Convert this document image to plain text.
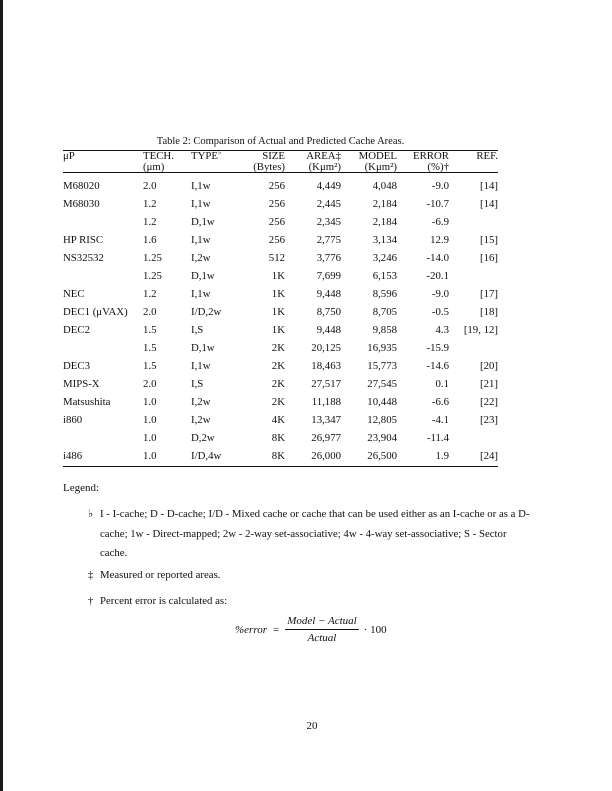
Table 2: Comparison of Actual and Predicted Cache Areas.
μP	TECH.	TYPE♭	SIZE	AREA‡	MODEL	ERROR	REF.
	(μm)		(Bytes)	(Kμm²)	(Kμm²)	(%)†	
M68020	2.0	I,1w	256	4,449	4,048	-9.0	[14]
M68030	1.2	I,1w	256	2,445	2,184	-10.7	[14]
	1.2	D,1w	256	2,345	2,184	-6.9	
HP RISC	1.6	I,1w	256	2,775	3,134	12.9	[15]
NS32532	1.25	I,2w	512	3,776	3,246	-14.0	[16]
	1.25	D,1w	1K	7,699	6,153	-20.1	
NEC	1.2	I,1w	1K	9,448	8,596	-9.0	[17]
DEC1 (μVAX)	2.0	I/D,2w	1K	8,750	8,705	-0.5	[18]
DEC2	1.5	I,S	1K	9,448	9,858	4.3	[19, 12]
	1.5	D,1w	2K	20,125	16,935	-15.9	
DEC3	1.5	I,1w	2K	18,463	15,773	-14.6	[20]
MIPS-X	2.0	I,S	2K	27,517	27,545	0.1	[21]
Matsushita	1.0	I,2w	2K	11,188	10,448	-6.6	[22]
i860	1.0	I,2w	4K	13,347	12,805	-4.1	[23]
	1.0	D,2w	8K	26,977	23,904	-11.4	
i486	1.0	I/D,4w	8K	26,000	26,500	1.9	[24]
Legend:
♭ I - I-cache; D - D-cache; I/D - Mixed cache or cache that can be used either as an I-cache or as a D-cache; 1w - Direct-mapped; 2w - 2-way set-associative; 4w - 4-way set-associative; S - Sector cache.
‡ Measured or reported areas.
† Percent error is calculated as:
%error = $\frac{\text{Model − Actual}}{\text{Actual}} \cdot 100$
20
